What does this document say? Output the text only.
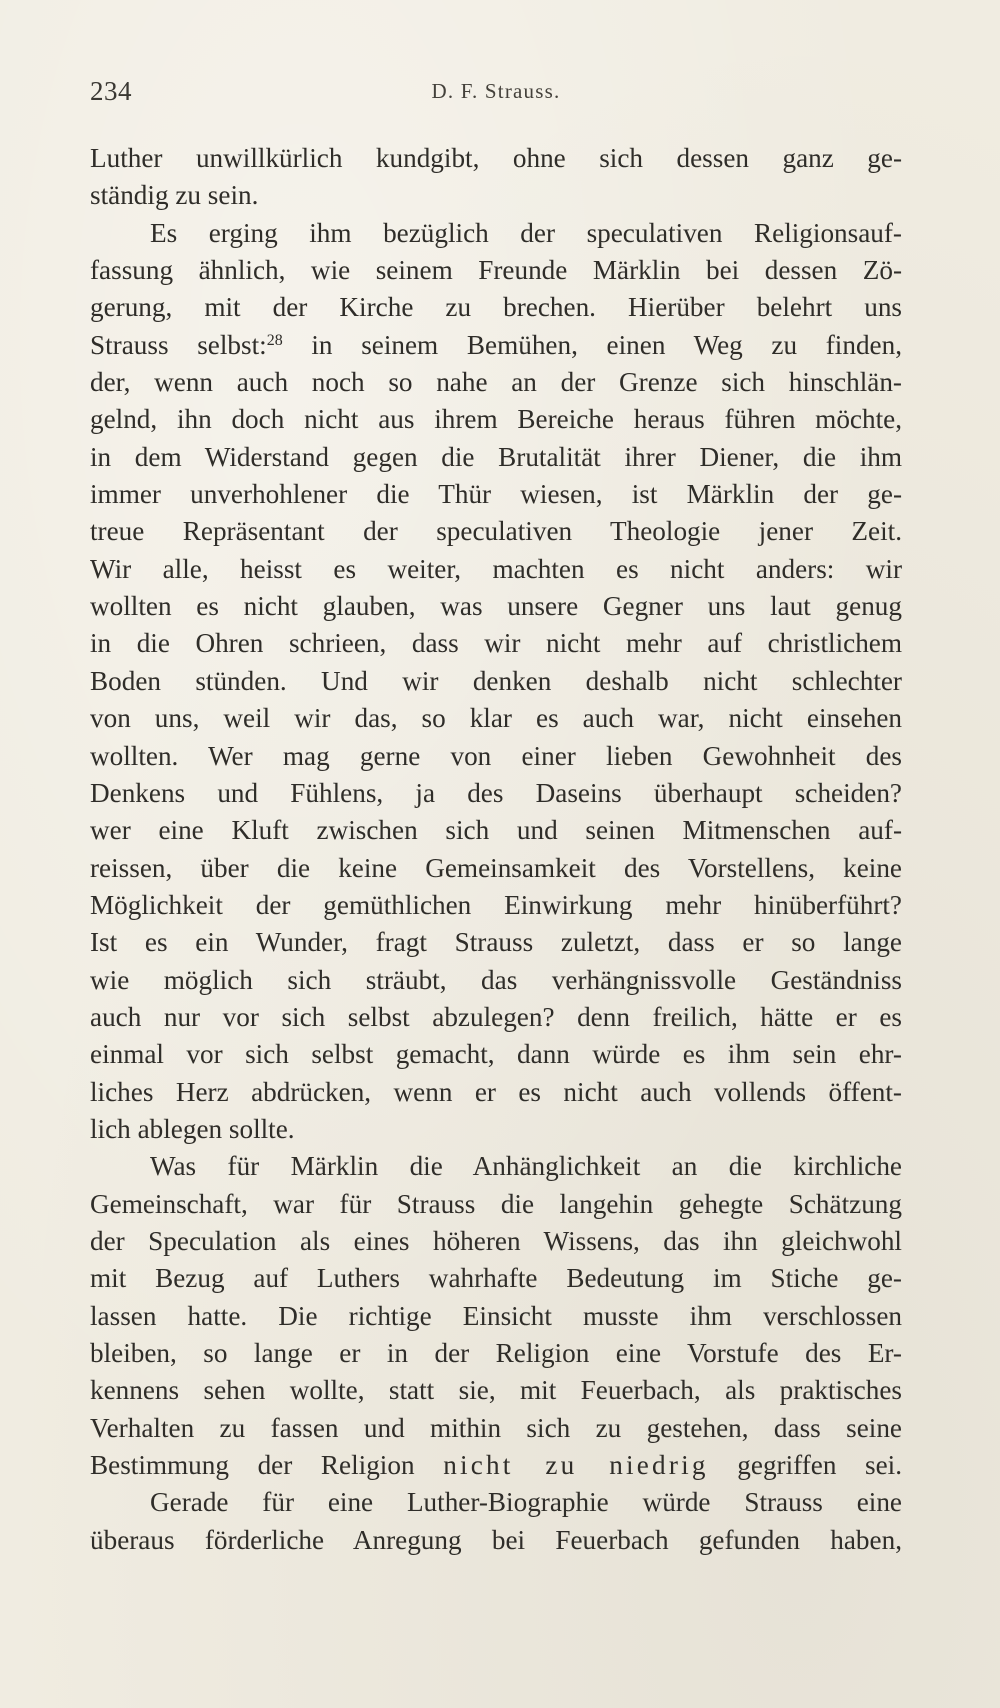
234	D. F. Strauss.
Luther unwillkürlich kundgibt, ohne sich dessen ganz ge-
ständig zu sein.
Es erging ihm bezüglich der speculativen Religionsauf-
fassung ähnlich, wie seinem Freunde Märklin bei dessen Zö-
gerung, mit der Kirche zu brechen. Hierüber belehrt uns
Strauss selbst:$^{28}$ in seinem Bemühen, einen Weg zu finden,
der, wenn auch noch so nahe an der Grenze sich hinschlän-
gelnd, ihn doch nicht aus ihrem Bereiche heraus führen möchte,
in dem Widerstand gegen die Brutalität ihrer Diener, die ihm
immer unverhohlener die Thür wiesen, ist Märklin der ge-
treue Repräsentant der speculativen Theologie jener Zeit.
Wir alle, heisst es weiter, machten es nicht anders: wir
wollten es nicht glauben, was unsere Gegner uns laut genug
in die Ohren schrieen, dass wir nicht mehr auf christlichem
Boden stünden. Und wir denken deshalb nicht schlechter
von uns, weil wir das, so klar es auch war, nicht einsehen
wollten. Wer mag gerne von einer lieben Gewohnheit des
Denkens und Fühlens, ja des Daseins überhaupt scheiden?
wer eine Kluft zwischen sich und seinen Mitmenschen auf-
reissen, über die keine Gemeinsamkeit des Vorstellens, keine
Möglichkeit der gemüthlichen Einwirkung mehr hinüberführt?
Ist es ein Wunder, fragt Strauss zuletzt, dass er so lange
wie möglich sich sträubt, das verhängnissvolle Geständniss
auch nur vor sich selbst abzulegen? denn freilich, hätte er es
einmal vor sich selbst gemacht, dann würde es ihm sein ehr-
liches Herz abdrücken, wenn er es nicht auch vollends öffent-
lich ablegen sollte.
Was für Märklin die Anhänglichkeit an die kirchliche
Gemeinschaft, war für Strauss die langehin gehegte Schätzung
der Speculation als eines höheren Wissens, das ihn gleichwohl
mit Bezug auf Luthers wahrhafte Bedeutung im Stiche ge-
lassen hatte. Die richtige Einsicht musste ihm verschlossen
bleiben, so lange er in der Religion eine Vorstufe des Er-
kennens sehen wollte, statt sie, mit Feuerbach, als praktisches
Verhalten zu fassen und mithin sich zu gestehen, dass seine
Bestimmung der Religion nicht zu niedrig gegriffen sei.
Gerade für eine Luther-Biographie würde Strauss eine
überaus förderliche Anregung bei Feuerbach gefunden haben,
